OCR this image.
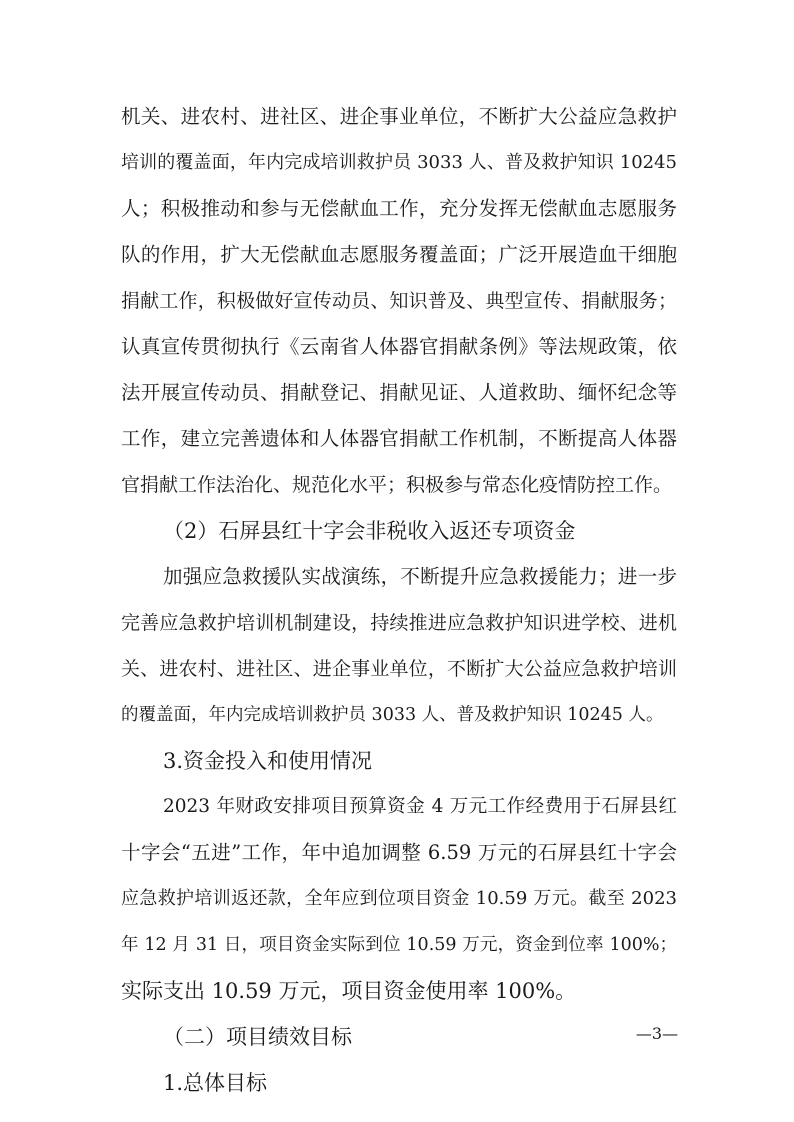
机关、进农村、进社区、进企事业单位，不断扩大公益应急救护
培训的覆盖面，年内完成培训救护员 3033 人、普及救护知识 10245
人；积极推动和参与无偿献血工作，充分发挥无偿献血志愿服务
队的作用，扩大无偿献血志愿服务覆盖面；广泛开展造血干细胞
捐献工作，积极做好宣传动员、知识普及、典型宣传、捐献服务；
认真宣传贯彻执行《云南省人体器官捐献条例》等法规政策，依
法开展宣传动员、捐献登记、捐献见证、人道救助、缅怀纪念等
工作，建立完善遗体和人体器官捐献工作机制，不断提高人体器
官捐献工作法治化、规范化水平；积极参与常态化疫情防控工作。
（2）石屏县红十字会非税收入返还专项资金
加强应急救援队实战演练，不断提升应急救援能力；进一步
完善应急救护培训机制建设，持续推进应急救护知识进学校、进机
关、进农村、进社区、进企事业单位，不断扩大公益应急救护培训
的覆盖面，年内完成培训救护员 3033 人、普及救护知识 10245 人。
3.资金投入和使用情况
2023 年财政安排项目预算资金 4 万元工作经费用于石屏县红
十字会“五进”工作，年中追加调整 6.59 万元的石屏县红十字会
应急救护培训返还款，全年应到位项目资金 10.59 万元。截至 2023
年 12 月 31 日，项目资金实际到位 10.59 万元，资金到位率 100%；
实际支出 10.59 万元，项目资金使用率 100%。
（二）项目绩效目标
1.总体目标
—3—
